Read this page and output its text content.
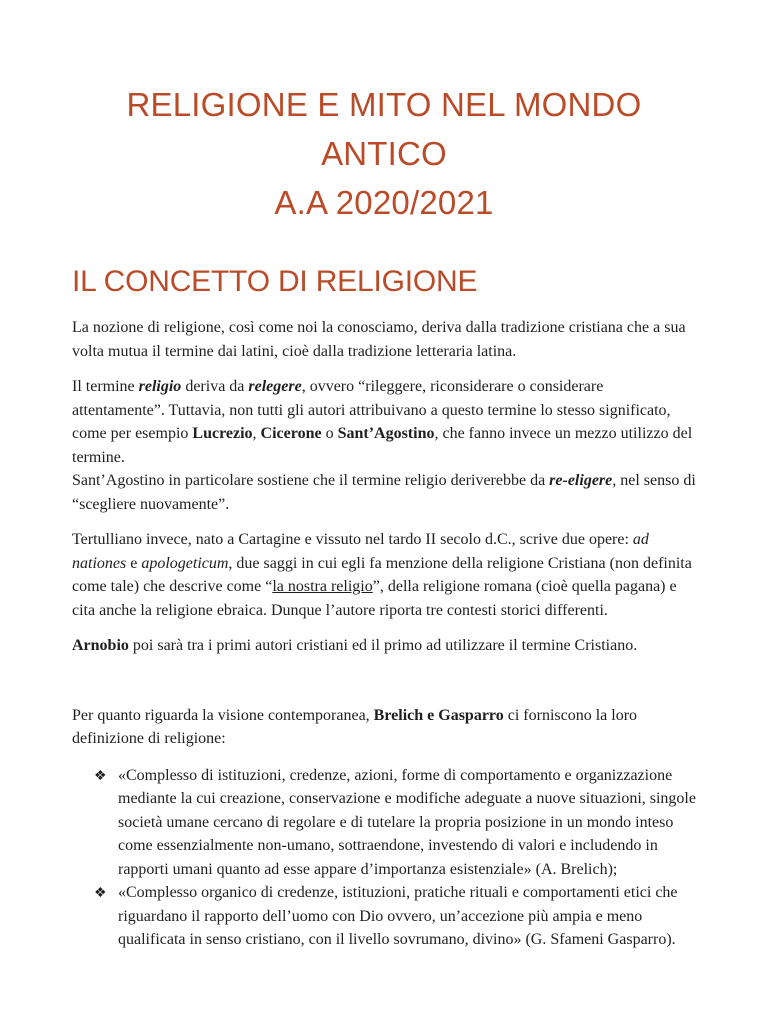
RELIGIONE E MITO NEL MONDO ANTICO
A.A 2020/2021
IL CONCETTO DI RELIGIONE

La nozione di religione, così come noi la conosciamo, deriva dalla tradizione cristiana che a sua volta mutua il termine dai latini, cioè dalla tradizione letteraria latina.

Il termine religio deriva da relegere, ovvero “rileggere, riconsiderare o considerare attentamente”. Tuttavia, non tutti gli autori attribuivano a questo termine lo stesso significato, come per esempio Lucrezio, Cicerone o Sant’Agostino, che fanno invece un mezzo utilizzo del termine.
Sant’Agostino in particolare sostiene che il termine religio deriverebbe da re-eligere, nel senso di “scegliere nuovamente”.

Tertulliano invece, nato a Cartagine e vissuto nel tardo II secolo d.C., scrive due opere: ad nationes e apologeticum, due saggi in cui egli fa menzione della religione Cristiana (non definita come tale) che descrive come “la nostra religio”, della religione romana (cioè quella pagana) e cita anche la religione ebraica. Dunque l’autore riporta tre contesti storici differenti.

Arnobio poi sarà tra i primi autori cristiani ed il primo ad utilizzare il termine Cristiano.

Per quanto riguarda la visione contemporanea, Brelich e Gasparro ci forniscono la loro definizione di religione:

❖ «Complesso di istituzioni, credenze, azioni, forme di comportamento e organizzazione mediante la cui creazione, conservazione e modifiche adeguate a nuove situazioni, singole società umane cercano di regolare e di tutelare la propria posizione in un mondo inteso come essenzialmente non-umano, sottraendone, investendo di valori e includendo in rapporti umani quanto ad esse appare d’importanza esistenziale» (A. Brelich);
❖ «Complesso organico di credenze, istituzioni, pratiche rituali e comportamenti etici che riguardano il rapporto dell’uomo con Dio ovvero, un’accezione più ampia e meno qualificata in senso cristiano, con il livello sovrumano, divino» (G. Sfameni Gasparro).
